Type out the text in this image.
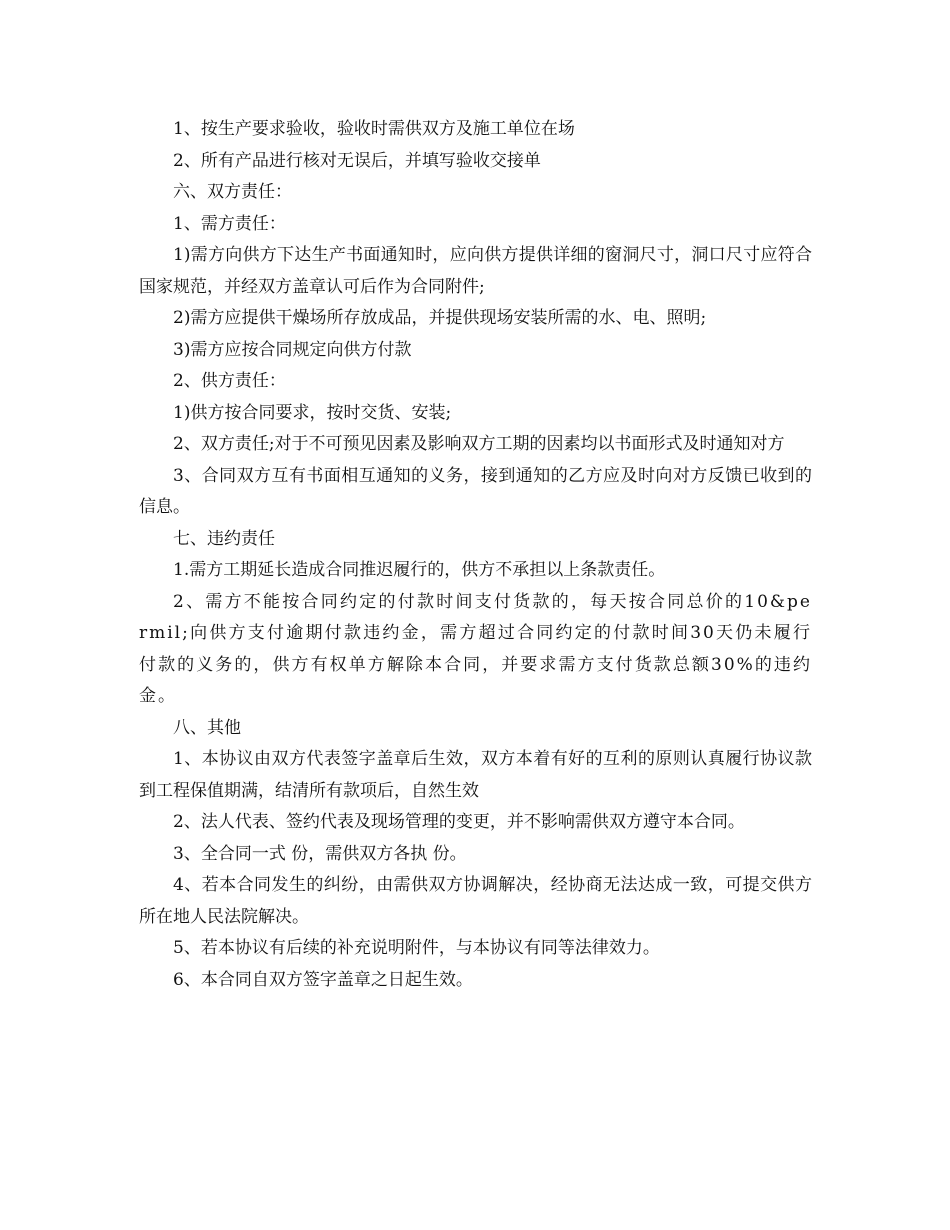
1、按生产要求验收，验收时需供双方及施工单位在场

2、所有产品进行核对无误后，并填写验收交接单

六、双方责任：

1、需方责任：

1)需方向供方下达生产书面通知时，应向供方提供详细的窗洞尺寸，洞口尺寸应符合国家规范，并经双方盖章认可后作为合同附件;

2)需方应提供干燥场所存放成品，并提供现场安装所需的水、电、照明;

3)需方应按合同规定向供方付款

2、供方责任：

1)供方按合同要求，按时交货、安装;

2、双方责任;对于不可预见因素及影响双方工期的因素均以书面形式及时通知对方

3、合同双方互有书面相互通知的义务，接到通知的乙方应及时向对方反馈已收到的信息。

七、违约责任

1.需方工期延长造成合同推迟履行的，供方不承担以上条款责任。

2、需方不能按合同约定的付款时间支付货款的，每天按合同总价的10&permil;向供方支付逾期付款违约金，需方超过合同约定的付款时间30天仍未履行付款的义务的，供方有权单方解除本合同，并要求需方支付货款总额30%的违约金。

八、其他

1、本协议由双方代表签字盖章后生效，双方本着有好的互利的原则认真履行协议款到工程保值期满，结清所有款项后，自然生效

2、法人代表、签约代表及现场管理的变更，并不影响需供双方遵守本合同。

3、全合同一式 份，需供双方各执 份。

4、若本合同发生的纠纷，由需供双方协调解决，经协商无法达成一致，可提交供方所在地人民法院解决。

5、若本协议有后续的补充说明附件，与本协议有同等法律效力。

6、本合同自双方签字盖章之日起生效。
